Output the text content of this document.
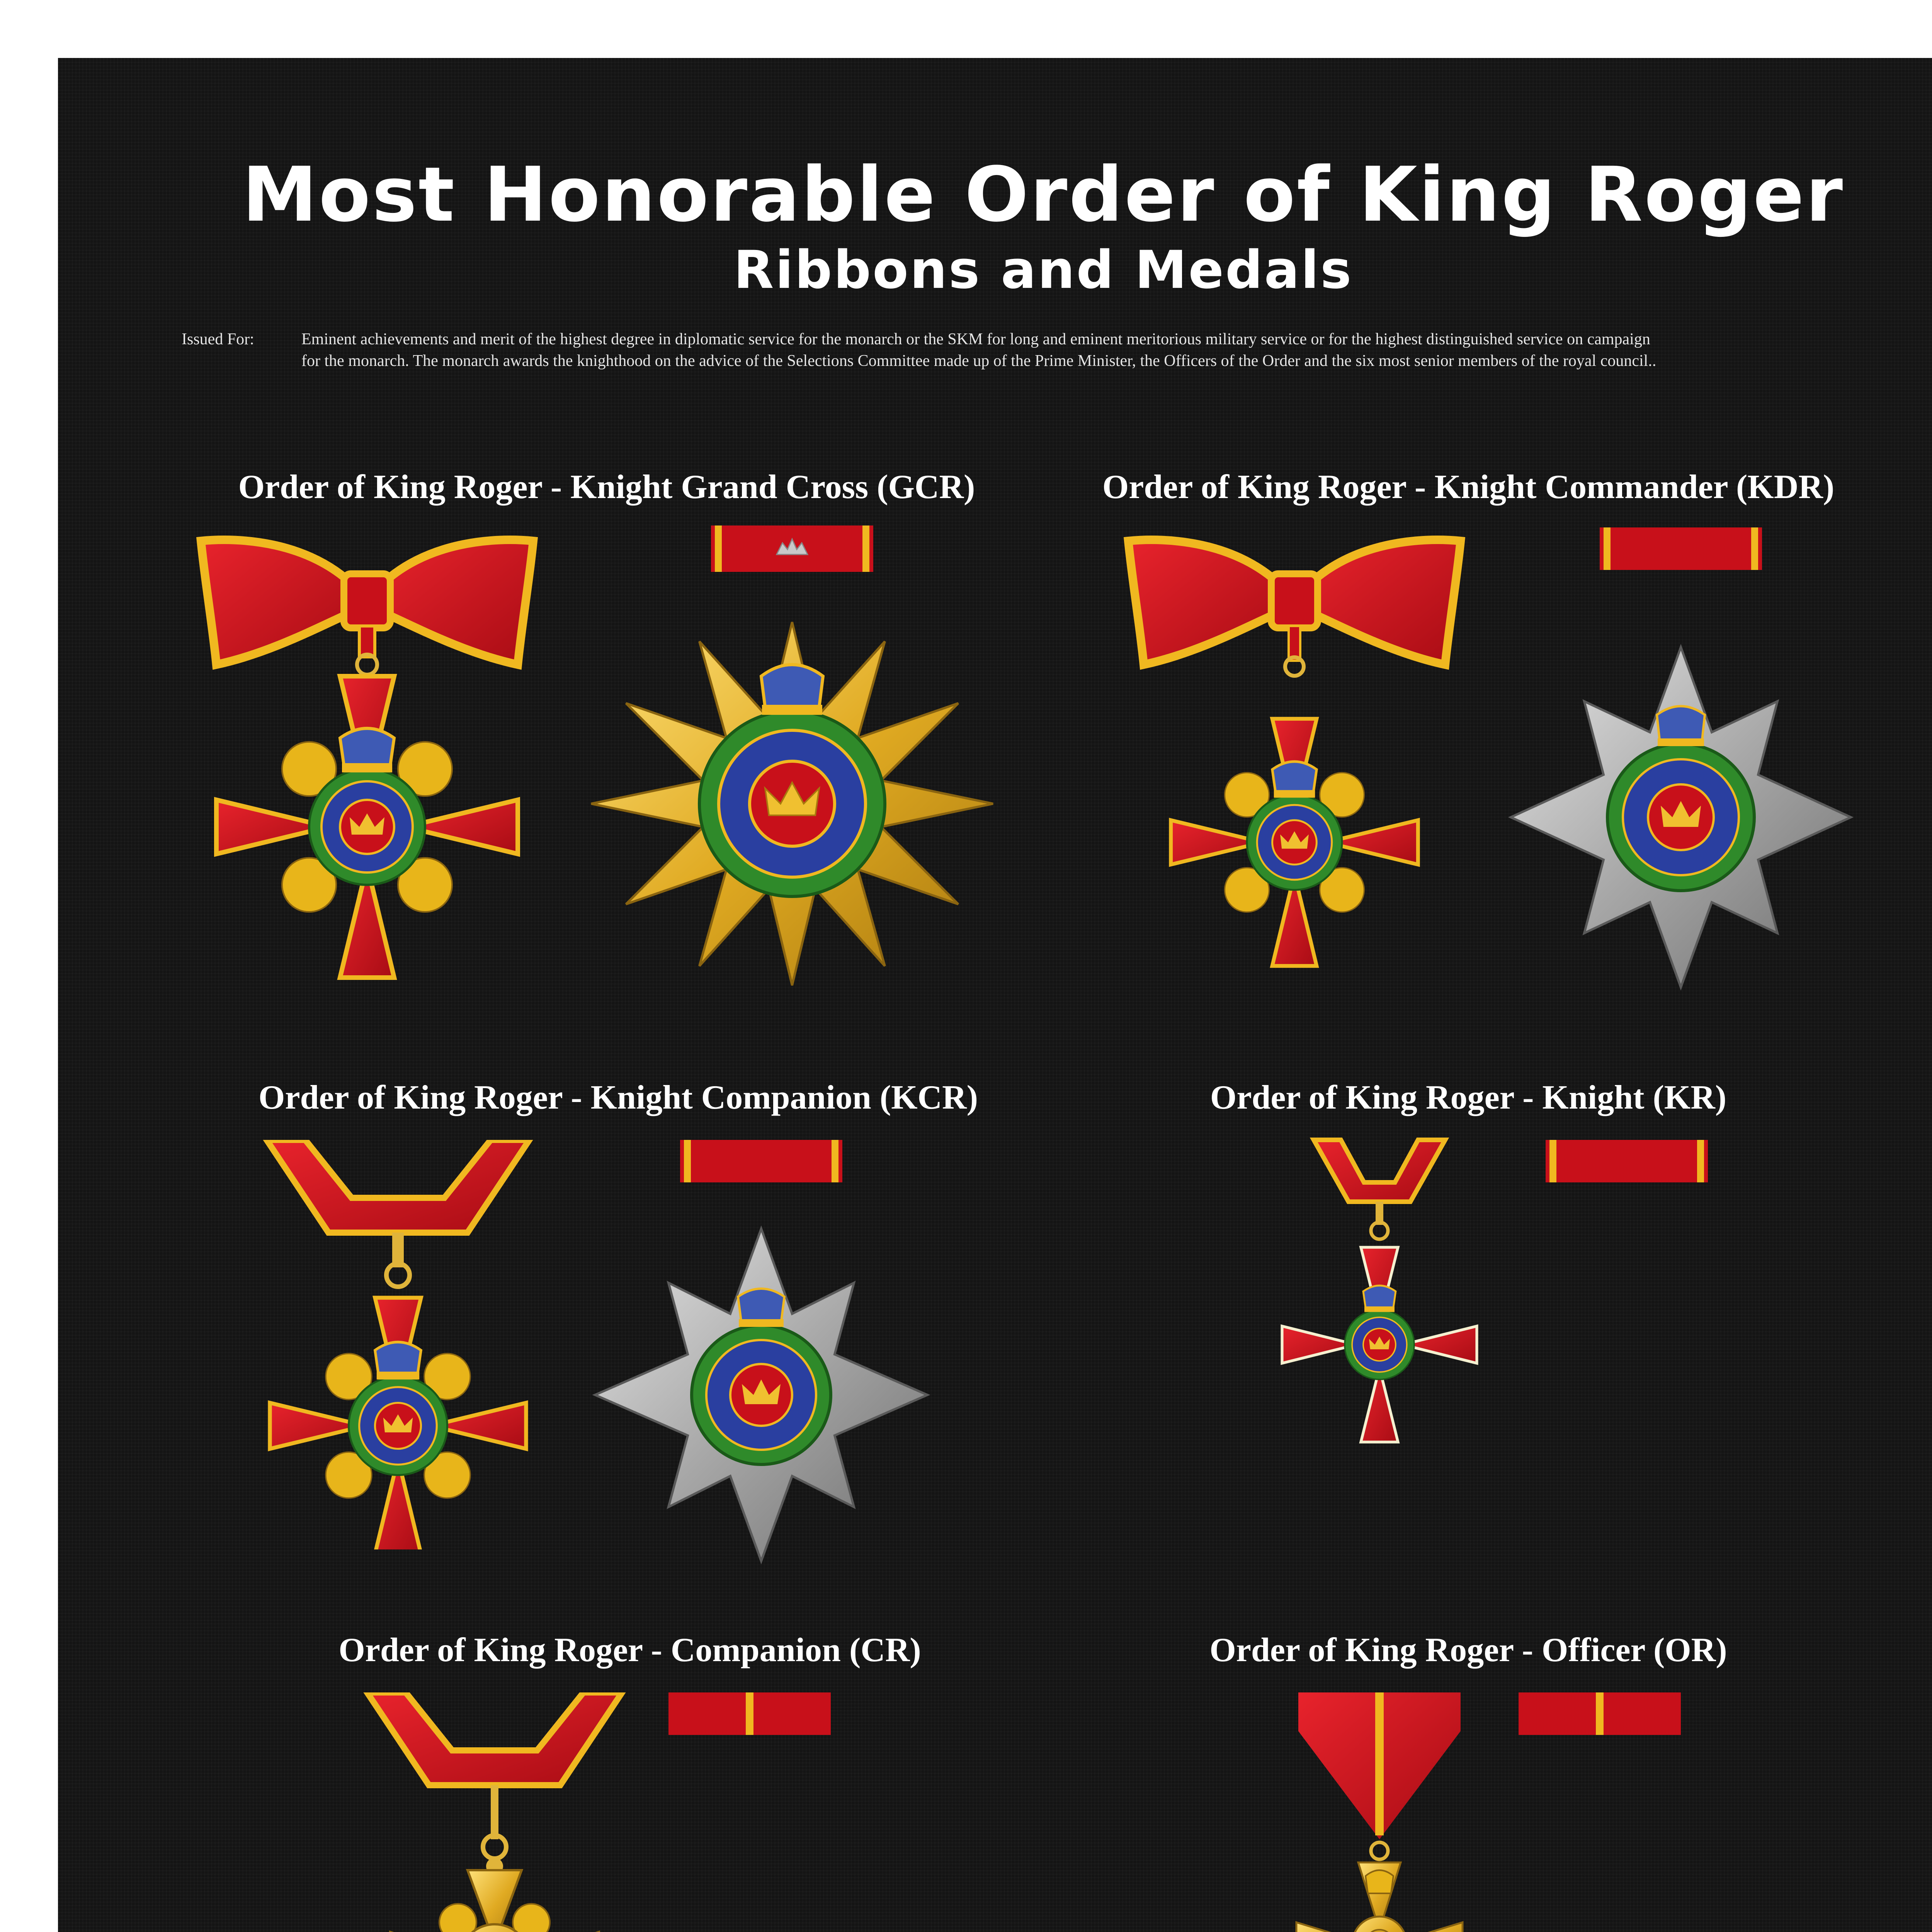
Most Honorable Order of King Roger
Ribbons and Medals
Issued For:	Eminent achievements and merit of the highest degree in diplomatic service for the monarch or the SKM for long and eminent meritorious military service or for the highest distinguished service on campaign
for the monarch. The monarch awards the knighthood on the advice of the Selections Committee made up of the Prime Minister, the Officers of the Order and the six most senior members of the royal council..
Order of King Roger - Knight Grand Cross (GCR)	Order of King Roger - Knight Commander (KDR)
Order of King Roger - Knight Companion (KCR)	Order of King Roger - Knight (KR)
Order of King Roger - Companion (CR)	Order of King Roger - Officer (OR)
